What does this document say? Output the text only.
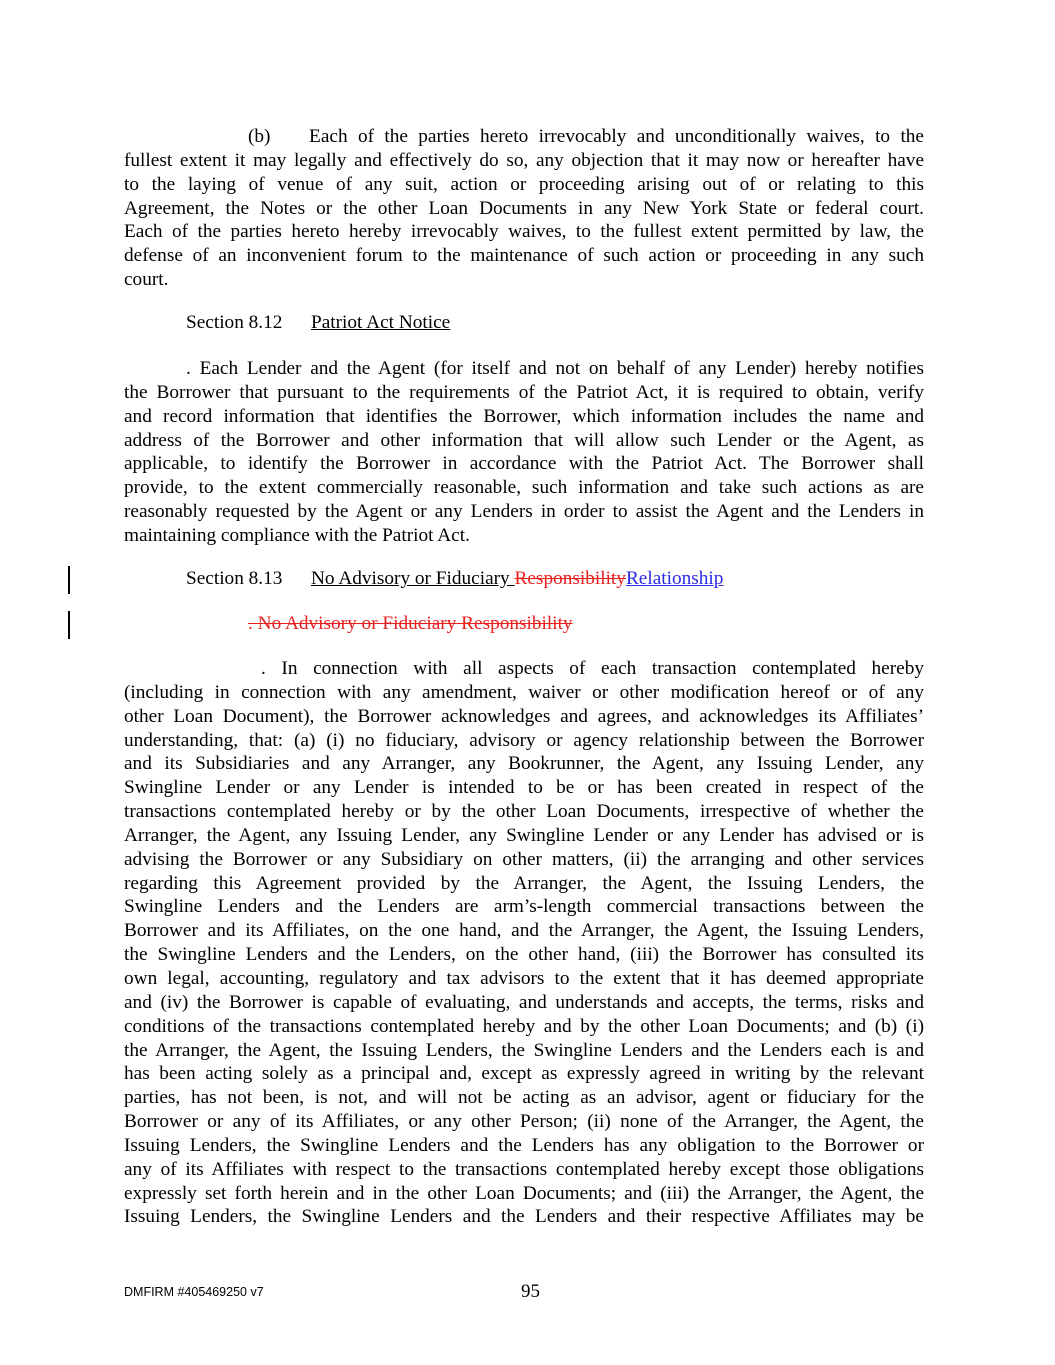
(b)  Each of the parties hereto irrevocably and unconditionally waives, to the
fullest extent it may legally and effectively do so, any objection that it may now or hereafter have
to the laying of venue of any suit, action or proceeding arising out of or relating to this
Agreement, the Notes or the other Loan Documents in any New York State or federal court.
Each of the parties hereto hereby irrevocably waives, to the fullest extent permitted by law, the
defense of an inconvenient forum to the maintenance of such action or proceeding in any such
court.
Section 8.12 Patriot Act Notice
. Each Lender and the Agent (for itself and not on behalf of any Lender) hereby notifies
the Borrower that pursuant to the requirements of the Patriot Act, it is required to obtain, verify
and record information that identifies the Borrower, which information includes the name and
address of the Borrower and other information that will allow such Lender or the Agent, as
applicable, to identify the Borrower in accordance with the Patriot Act. The Borrower shall
provide, to the extent commercially reasonable, such information and take such actions as are
reasonably requested by the Agent or any Lenders in order to assist the Agent and the Lenders in
maintaining compliance with the Patriot Act.
Section 8.13 No Advisory or Fiduciary ResponsibilityRelationship
. No Advisory or Fiduciary Responsibility
. In connection with all aspects of each transaction contemplated hereby
(including in connection with any amendment, waiver or other modification hereof or of any
other Loan Document), the Borrower acknowledges and agrees, and acknowledges its Affiliates’
understanding, that: (a) (i) no fiduciary, advisory or agency relationship between the Borrower
and its Subsidiaries and any Arranger, any Bookrunner, the Agent, any Issuing Lender, any
Swingline Lender or any Lender is intended to be or has been created in respect of the
transactions contemplated hereby or by the other Loan Documents, irrespective of whether the
Arranger, the Agent, any Issuing Lender, any Swingline Lender or any Lender has advised or is
advising the Borrower or any Subsidiary on other matters, (ii) the arranging and other services
regarding this Agreement provided by the Arranger, the Agent, the Issuing Lenders, the
Swingline Lenders and the Lenders are arm’s-length commercial transactions between the
Borrower and its Affiliates, on the one hand, and the Arranger, the Agent, the Issuing Lenders,
the Swingline Lenders and the Lenders, on the other hand, (iii) the Borrower has consulted its
own legal, accounting, regulatory and tax advisors to the extent that it has deemed appropriate
and (iv) the Borrower is capable of evaluating, and understands and accepts, the terms, risks and
conditions of the transactions contemplated hereby and by the other Loan Documents; and (b) (i)
the Arranger, the Agent, the Issuing Lenders, the Swingline Lenders and the Lenders each is and
has been acting solely as a principal and, except as expressly agreed in writing by the relevant
parties, has not been, is not, and will not be acting as an advisor, agent or fiduciary for the
Borrower or any of its Affiliates, or any other Person; (ii) none of the Arranger, the Agent, the
Issuing Lenders, the Swingline Lenders and the Lenders has any obligation to the Borrower or
any of its Affiliates with respect to the transactions contemplated hereby except those obligations
expressly set forth herein and in the other Loan Documents; and (iii) the Arranger, the Agent, the
Issuing Lenders, the Swingline Lenders and the Lenders and their respective Affiliates may be
DMFIRM #405469250 v7	95
